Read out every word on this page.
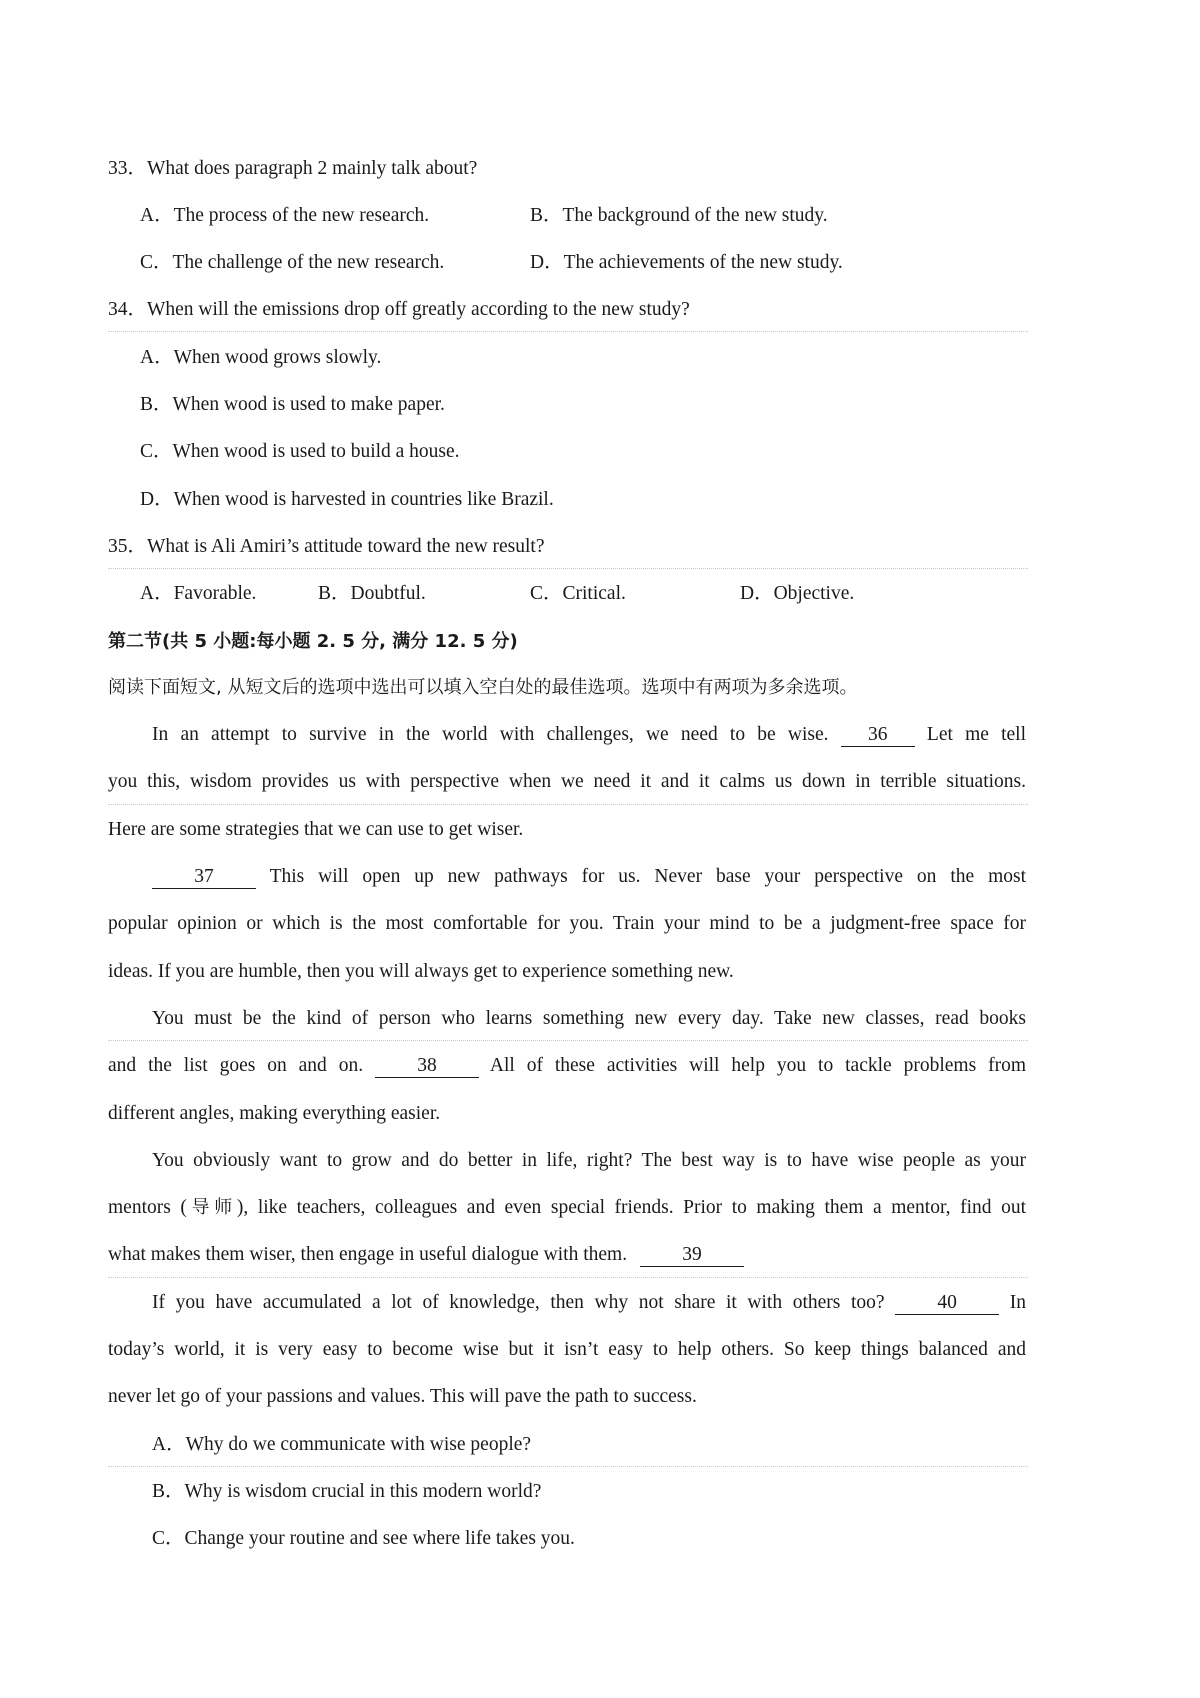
33．What does paragraph 2 mainly talk about?
A．The process of the new research.	B．The background of the new study.
C．The challenge of the new research.	D．The achievements of the new study.
34．When will the emissions drop off greatly according to the new study?
A．When wood grows slowly.
B．When wood is used to make paper.
C．When wood is used to build a house.
D．When wood is harvested in countries like Brazil.
35．What is Ali Amiri’s attitude toward the new result?
A．Favorable.	B．Doubtful.	C．Critical.	D．Objective.
第二节(共 5 小题:每小题 2. 5 分, 满分 12. 5 分)
阅读下面短文, 从短文后的选项中选出可以填入空白处的最佳选项。选项中有两项为多余选项。
In an attempt to survive in the world with challenges, we need to be wise. 36 Let me tell
you this, wisdom provides us with perspective when we need it and it calms us down in terrible situations.
Here are some strategies that we can use to get wiser.
37	This will open up new pathways for us. Never base your perspective on the most
popular opinion or which is the most comfortable for you. Train your mind to be a judgment-free space for
ideas. If you are humble, then you will always get to experience something new.
You must be the kind of person who learns something new every day. Take new classes, read books
and the list goes on and on.	38	All of these activities will help you to tackle problems from
different angles, making everything easier.
You obviously want to grow and do better in life, right? The best way is to have wise people as your
mentors (导师), like teachers, colleagues and even special friends. Prior to making them a mentor, find out
what makes them wiser, then engage in useful dialogue with them.	39
If you have accumulated a lot of knowledge, then why not share it with others too?	40	In
today’s world, it is very easy to become wise but it isn’t easy to help others. So keep things balanced and
never let go of your passions and values. This will pave the path to success.
A．Why do we communicate with wise people?
B．Why is wisdom crucial in this modern world?
C．Change your routine and see where life takes you.
